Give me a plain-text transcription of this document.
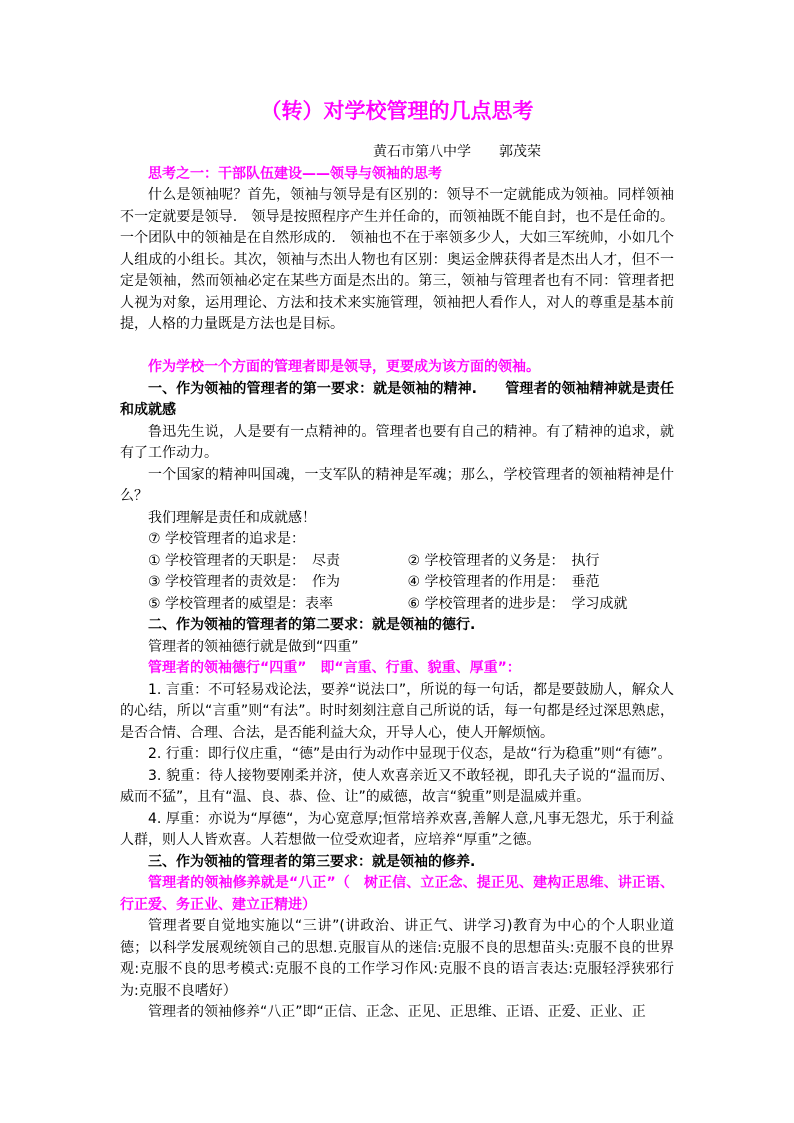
（转）对学校管理的几点思考
黄石市第八中学　　郭茂荣
思考之一：干部队伍建设——领导与领袖的思考
什么是领袖呢？首先，领袖与领导是有区别的：领导不一定就能成为领袖。同样领袖不一定就要是领导.　领导是按照程序产生并任命的，而领袖既不能自封，也不是任命的。一个团队中的领袖是在自然形成的.　领袖也不在于率领多少人，大如三军统帅，小如几个人组成的小组长。其次，领袖与杰出人物也有区别：奥运金牌获得者是杰出人才，但不一定是领袖，然而领袖必定在某些方面是杰出的。第三，领袖与管理者也有不同：管理者把人视为对象，运用理论、方法和技术来实施管理，领袖把人看作人，对人的尊重是基本前提，人格的力量既是方法也是目标。
作为学校一个方面的管理者即是领导，更要成为该方面的领袖。
一、作为领袖的管理者的第一要求：就是领袖的精神.　　管理者的领袖精神就是责任和成就感
鲁迅先生说，人是要有一点精神的。管理者也要有自己的精神。有了精神的追求，就有了工作动力。
一个国家的精神叫国魂，一支军队的精神是军魂；那么，学校管理者的领袖精神是什么？
我们理解是责任和成就感！
⑦ 学校管理者的追求是：
① 学校管理者的天职是：　尽责	② 学校管理者的义务是：　执行
③ 学校管理者的责效是：　作为	④ 学校管理者的作用是：　垂范
⑤ 学校管理者的威望是：表率	⑥ 学校管理者的进步是：　学习成就
二、作为领袖的管理者的第二要求：就是领袖的德行.
管理者的领袖德行就是做到“四重”
管理者的领袖德行“四重”　即“言重、行重、貌重、厚重”：
1. 言重：不可轻易戏论法，要养“说法口”，所说的每一句话，都是要鼓励人，解众人的心结，所以“言重”则“有法”。时时刻刻注意自己所说的话，每一句都是经过深思熟虑，是否合情、合理、合法，是否能利益大众，开导人心，使人开解烦恼。
2. 行重：即行仪庄重，“德”是由行为动作中显现于仪态，是故“行为稳重”则“有德”。
3. 貌重：待人接物要刚柔并济，使人欢喜亲近又不敢轻视，即孔夫子说的“温而厉、威而不猛”，且有“温、良、恭、俭、让”的威德，故言“貌重”则是温威并重。
4. 厚重：亦说为“厚德“，为心宽意厚;恒常培养欢喜,善解人意,凡事无怨尤，乐于利益人群，则人人皆欢喜。人若想做一位受欢迎者，应培养“厚重”之德。
三、作为领袖的管理者的第三要求：就是领袖的修养.
管理者的领袖修养就是“八正”（　树正信、立正念、提正见、建构正思维、讲正语、行正爱、务正业、建立正精进）
管理者要自觉地实施以“三讲”(讲政治、讲正气、讲学习)教育为中心的个人职业道德；以科学发展观统领自己的思想.克服盲从的迷信:克服不良的思想苗头:克服不良的世界观:克服不良的思考模式:克服不良的工作学习作风:克服不良的语言表达:克服轻浮狭邪行为:克服不良嗜好）
管理者的领袖修养“八正”即“正信、正念、正见、正思维、正语、正爱、正业、正
